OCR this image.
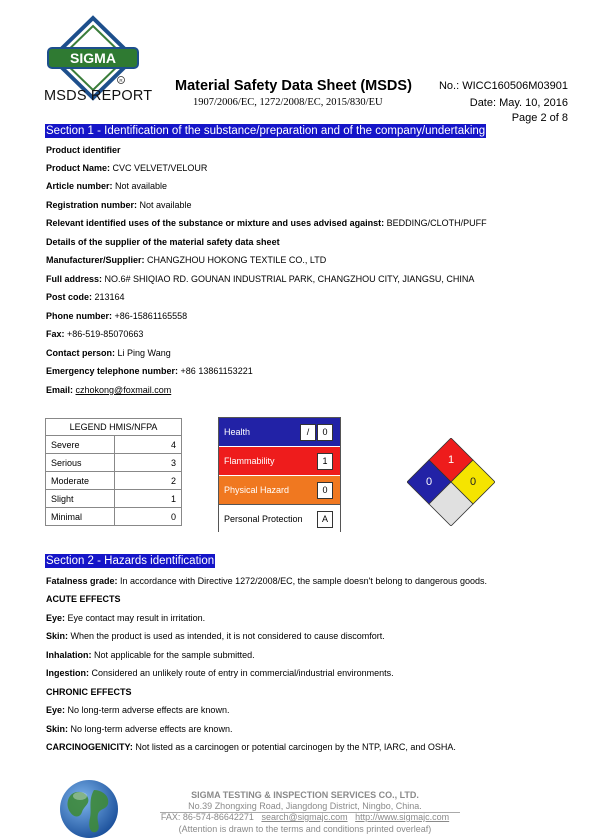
SIGMA
R
MSDS REPORT
Material Safety Data Sheet (MSDS)
1907/2006/EC, 1272/2008/EC, 2015/830/EU
No.: WICC160506M03901
Date: May. 10, 2016
Page 2 of 8
Section 1 - Identification of the substance/preparation and of the company/undertaking
Product identifier
Product Name: CVC VELVET/VELOUR
Article number: Not available
Registration number: Not available
Relevant identified uses of the substance or mixture and uses advised against: BEDDING/CLOTH/PUFF
Details of the supplier of the material safety data sheet
Manufacturer/Supplier: CHANGZHOU HOKONG TEXTILE CO., LTD
Full address: NO.6# SHIQIAO RD. GOUNAN INDUSTRIAL PARK, CHANGZHOU CITY, JIANGSU, CHINA
Post code: 213164
Phone number: +86-15861165558
Fax: +86-519-85070663
Contact person: Li Ping Wang
Emergency telephone number: +86 13861153221
Email: czhokong@foxmail.com
LEGEND HMIS/NFPA	
Severe	4
Serious	3
Moderate	2
Slight	1
Minimal	0
Health	/	0
Flammability	1
Physical Hazard	0
Personal Protection	A
1
0	0
Section 2 - Hazards identification
Fatalness grade: In accordance with Directive 1272/2008/EC, the sample doesn't belong to dangerous goods.
ACUTE EFFECTS
Eye: Eye contact may result in irritation.
Skin: When the product is used as intended, it is not considered to cause discomfort.
Inhalation: Not applicable for the sample submitted.
Ingestion: Considered an unlikely route of entry in commercial/industrial environments.
CHRONIC EFFECTS
Eye: No long-term adverse effects are known.
Skin: No long-term adverse effects are known.
CARCINOGENICITY: Not listed as a carcinogen or potential carcinogen by the NTP, IARC, and OSHA.
SIGMA TESTING & INSPECTION SERVICES CO., LTD.
No.39 Zhongxing Road, Jiangdong District, Ningbo, China.
FAX: 86-574-86642271 search@sigmajc.com http://www.sigmajc.com
(Attention is drawn to the terms and conditions printed overleaf)
